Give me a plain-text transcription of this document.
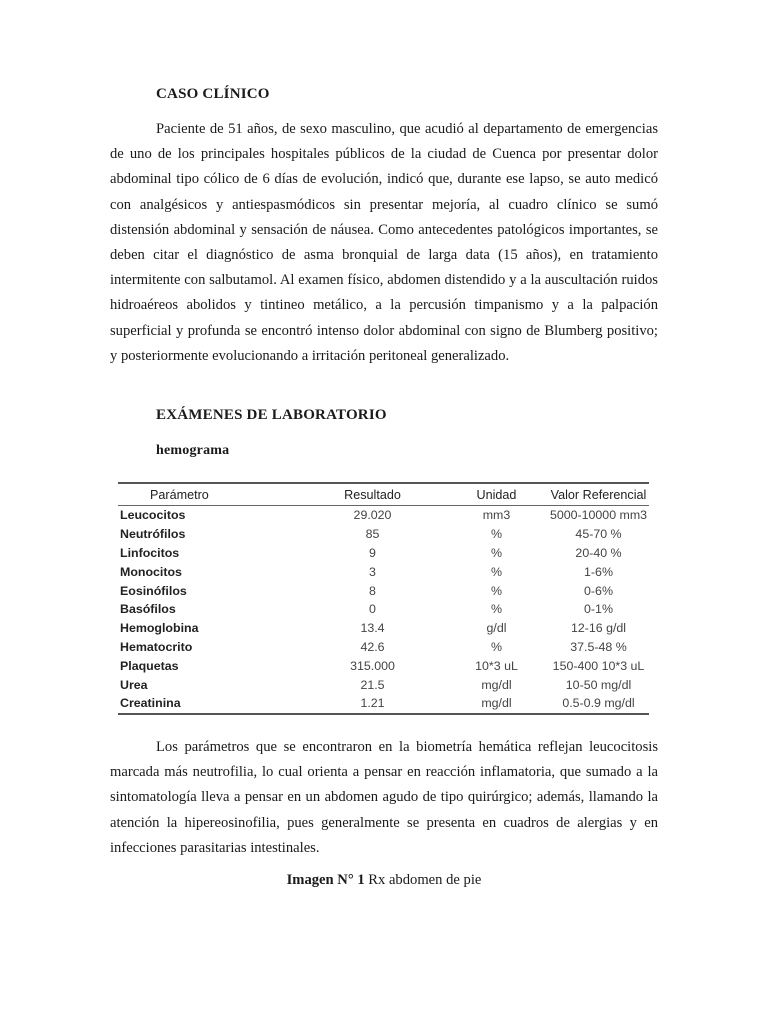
CASO CLÍNICO

Paciente de 51 años, de sexo masculino, que acudió al departamento de emergencias de uno de los principales hospitales públicos de la ciudad de Cuenca por presentar dolor abdominal tipo cólico de 6 días de evolución, indicó que, durante ese lapso, se auto medicó con analgésicos y antiespasmódicos sin presentar mejoría, al cuadro clínico se sumó distensión abdominal y sensación de náusea. Como antecedentes patológicos importantes, se deben citar el diagnóstico de asma bronquial de larga data (15 años), en tratamiento intermitente con salbutamol. Al examen físico, abdomen distendido y a la auscultación ruidos hidroaéreos abolidos y tintineo metálico, a la percusión timpanismo y a la palpación superficial y profunda se encontró intenso dolor abdominal con signo de Blumberg positivo; y posteriormente evolucionando a irritación peritoneal generalizado.

EXÁMENES DE LABORATORIO
hemograma
Parámetro	Resultado	Unidad	Valor Referencial
Leucocitos	29.020	mm3	5000-10000 mm3
Neutrófilos	85	%	45-70 %
Linfocitos	9	%	20-40 %
Monocitos	3	%	1-6%
Eosinófilos	8	%	0-6%
Basófilos	0	%	0-1%
Hemoglobina	13.4	g/dl	12-16 g/dl
Hematocrito	42.6	%	37.5-48 %
Plaquetas	315.000	10*3 uL	150-400 10*3 uL
Urea	21.5	mg/dl	10-50 mg/dl
Creatinina	1.21	mg/dl	0.5-0.9 mg/dl

Los parámetros que se encontraron en la biometría hemática reflejan leucocitosis marcada más neutrofilia, lo cual orienta a pensar en reacción inflamatoria, que sumado a la sintomatología lleva a pensar en un abdomen agudo de tipo quirúrgico; además, llamando la atención la hipereosinofilia, pues generalmente se presenta en cuadros de alergias y en infecciones parasitarias intestinales.

Imagen N° 1 Rx abdomen de pie
